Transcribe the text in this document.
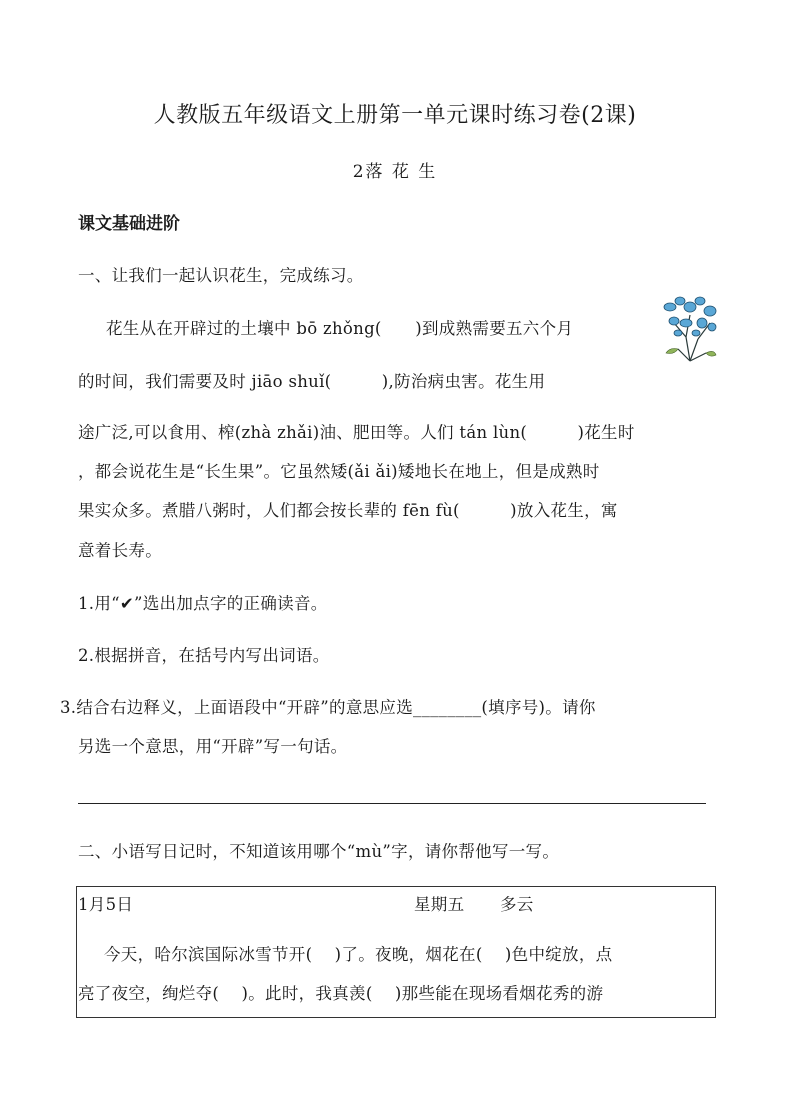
人教版五年级语文上册第一单元课时练习卷(2课)
2落 花 生
课文基础进阶
一、让我们一起认识花生，完成练习。
花生从在开辟过的土壤中 bō zhǒng(　　)到成熟需要五六个月
的时间，我们需要及时 jiāo shuǐ(　　　),防治病虫害。花生用
途广泛,可以食用、榨(zhà zhǎi)油、肥田等。人们 tán lùn(　　　)花生时
，都会说花生是“长生果”。它虽然矮(ǎi ǎi)矮地长在地上，但是成熟时
果实众多。煮腊八粥时，人们都会按长辈的 fēn fù(　　　)放入花生，寓
意着长寿。
1.用“✔”选出加点字的正确读音。
2.根据拼音，在括号内写出词语。
3.结合右边释义，上面语段中“开辟”的意思应选________(填序号)。请你
另选一个意思，用“开辟”写一句话。
二、小语写日记时，不知道该用哪个“mù”字，请你帮他写一写。
1月5日	星期五 多云
今天，哈尔滨国际冰雪节开(　 )了。夜晚，烟花在(　 )色中绽放，点
亮了夜空，绚烂夺(　 )。此时，我真羡(　 )那些能在现场看烟花秀的游
